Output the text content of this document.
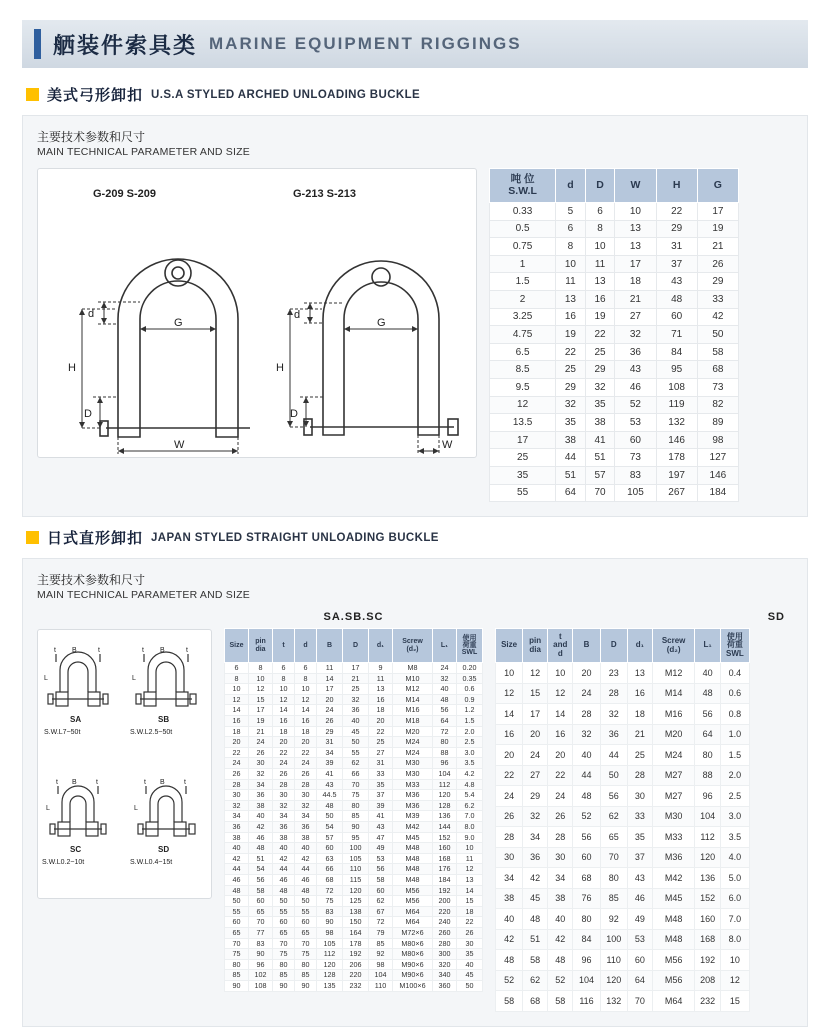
舾装件索具类 MARINE EQUIPMENT RIGGINGS
美式弓形卸扣 U.S.A STYLED ARCHED UNLOADING BUCKLE
主要技术参数和尺寸
MAIN TECHNICAL PARAMETER AND SIZE
G-209 S-209	G-213 S-213
d
G
H
D
W
d
G
H
D
W
吨 位
S.W.L	d	D	W	H	G
0.33	5	6	10	22	17
0.5	6	8	13	29	19
0.75	8	10	13	31	21
1	10	11	17	37	26
1.5	11	13	18	43	29
2	13	16	21	48	33
3.25	16	19	27	60	42
4.75	19	22	32	71	50
6.5	22	25	36	84	58
8.5	25	29	43	95	68
9.5	29	32	46	108	73
12	32	35	52	119	82
13.5	35	38	53	132	89
17	38	41	60	146	98
25	44	51	73	178	127
35	51	57	83	197	146
55	64	70	105	267	184
日式直形卸扣 JAPAN STYLED STRAIGHT UNLOADING BUCKLE
主要技术参数和尺寸
MAIN TECHNICAL PARAMETER AND SIZE
t B	t
L
SA
S.W.L7~50t
t B	t
L
SB
S.W.L2.5~50t
t B	t
L
SC
S.W.L0.2~10t
t B	t
L
SD
S.W.L0.4~15t
SA.SB.SC
Size	
pin
dia
	t	d	B	D	d₁	
Screw
(d₂)
	L₁	
使用
荷重
SWL

6	8	6	6	11	17	9	M8	24	0.20
8	10	8	8	14	21	11	M10	32	0.35
10	12	10	10	17	25	13	M12	40	0.6
12	15	12	12	20	32	16	M14	48	0.9
14	17	14	14	24	36	18	M16	56	1.2
16	19	16	16	26	40	20	M18	64	1.5
18	21	18	18	29	45	22	M20	72	2.0
20	24	20	20	31	50	25	M24	80	2.5
22	26	22	22	34	55	27	M24	88	3.0
24	30	24	24	39	62	31	M30	96	3.5
26	32	26	26	41	66	33	M30	104	4.2
28	34	28	28	43	70	35	M33	112	4.8
30	36	30	30	44.5	75	37	M36	120	5.4
32	38	32	32	48	80	39	M36	128	6.2
34	40	34	34	50	85	41	M39	136	7.0
36	42	36	36	54	90	43	M42	144	8.0
38	46	38	38	57	95	47	M45	152	9.0
40	48	40	40	60	100	49	M48	160	10
42	51	42	42	63	105	53	M48	168	11
44	54	44	44	66	110	56	M48	176	12
46	56	46	46	68	115	58	M48	184	13
48	58	48	48	72	120	60	M56	192	14
50	60	50	50	75	125	62	M56	200	15
55	65	55	55	83	138	67	M64	220	18
60	70	60	60	90	150	72	M64	240	22
65	77	65	65	98	164	79	M72×6	260	26
70	83	70	70	105	178	85	M80×6	280	30
75	90	75	75	112	192	92	M80×6	300	35
80	96	80	80	120	206	98	M90×6	320	40
85	102	85	85	128	220	104	M90×6	340	45
90	108	90	90	135	232	110	M100×6	360	50
SD
Size	pin
dia

t
and
d
	B	D	d₁	Screw
(d₂)	L₁	
使用
荷重
SWL

10	12	10	20	23	13	M12	40	0.4
12	15	12	24	28	16	M14	48	0.6
14	17	14	28	32	18	M16	56	0.8
16	20	16	32	36	21	M20	64	1.0
20	24	20	40	44	25	M24	80	1.5
22	27	22	44	50	28	M27	88	2.0
24	29	24	48	56	30	M27	96	2.5
26	32	26	52	62	33	M30	104	3.0
28	34	28	56	65	35	M33	112	3.5
30	36	30	60	70	37	M36	120	4.0
34	42	34	68	80	43	M42	136	5.0
38	45	38	76	85	46	M45	152	6.0
40	48	40	80	92	49	M48	160	7.0
42	51	42	84	100	53	M48	168	8.0
48	58	48	96	110	60	M56	192	10
52	62	52	104	120	64	M56	208	12
58	68	58	116	132	70	M64	232	15
